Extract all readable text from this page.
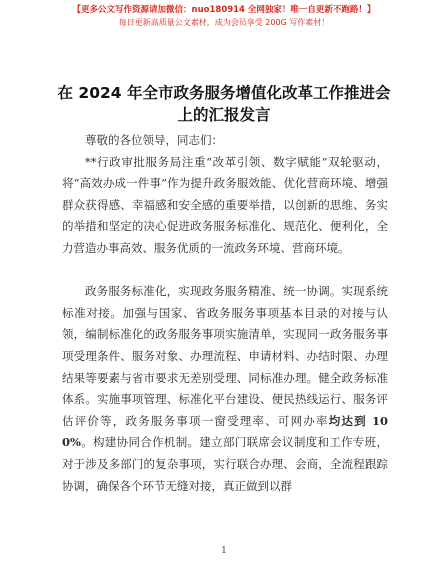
【更多公文写作资源请加微信：nuo180914 全网独家！唯一自更新不跑路！】
每日更新高质量公文素材，成为会员享受 200G 写作素材！
在 2024 年全市政务服务增值化改革工作推进会
上的汇报发言

尊敬的各位领导，同志们：

**行政审批服务局注重“改革引领、数字赋能”双轮驱动，将“高效办成一件事”作为提升政务服效能、优化营商环境、增强群众获得感、幸福感和安全感的重要举措，以创新的思维、务实的举措和坚定的决心促进政务服务标准化、规范化、便利化，全力营造办事高效、服务优质的一流政务环境、营商环境。

政务服务标准化，实现政务服务精准、统一协调。实现系统标准对接。加强与国家、省政务服务事项基本目录的对接与认领，编制标准化的政务服务事项实施清单，实现同一政务服务事项受理条件、服务对象、办理流程、申请材料、办结时限、办理结果等要素与省市要求无差别受理、同标准办理。健全政务标准体系。实施事项管理、标准化平台建设、便民热线运行、服务评估评价等，政务服务事项一窗受理率、可网办率均达到 100%。构建协同合作机制。建立部门联席会议制度和工作专班，对于涉及多部门的复杂事项，实行联合办理、会商，全流程跟踪协调，确保各个环节无缝对接，真正做到以群

1
